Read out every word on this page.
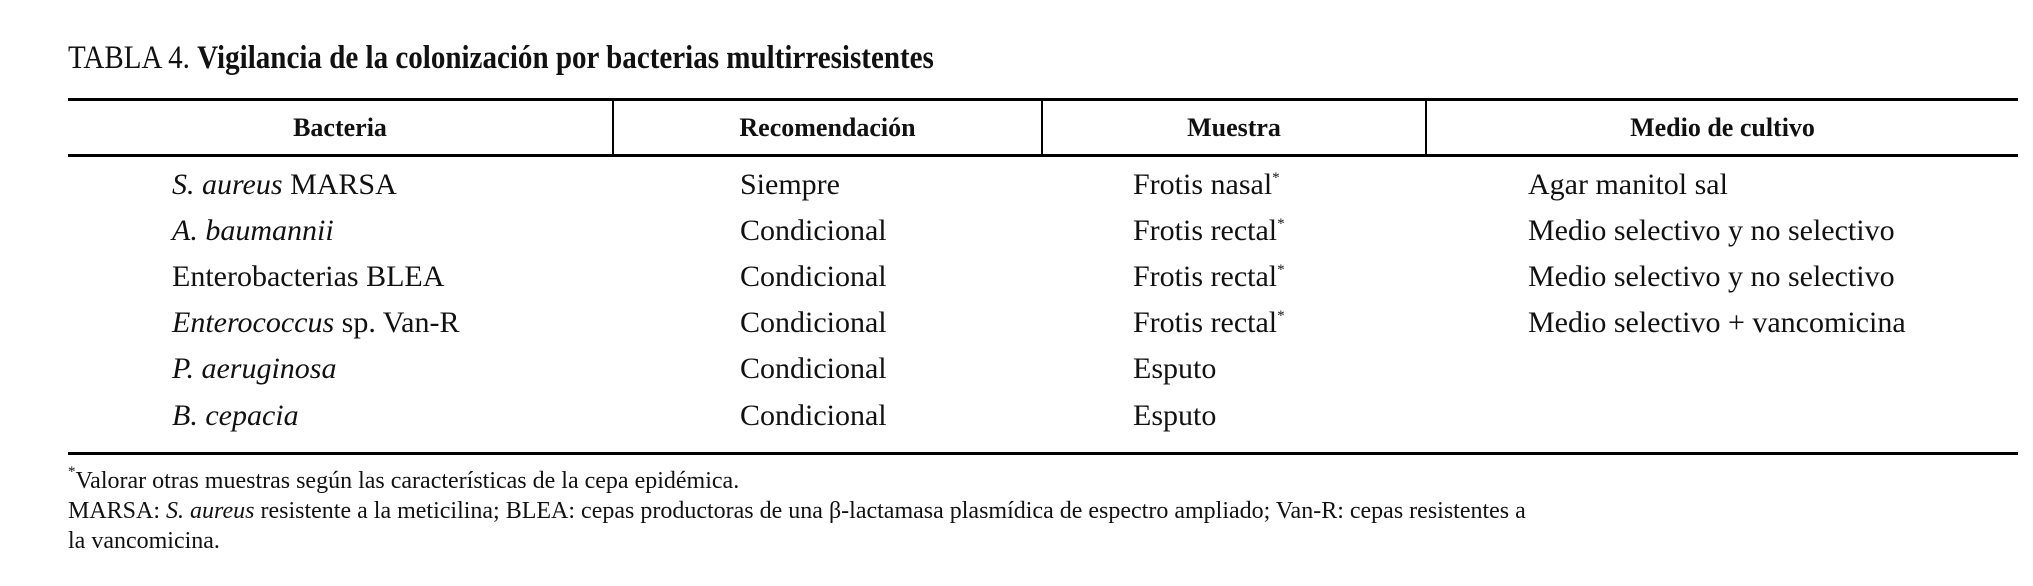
TABLA 4. Vigilancia de la colonización por bacterias multirresistentes
Bacteria	Recomendación	Muestra	Medio de cultivo
S. aureus MARSA	Siempre	Frotis nasal*	Agar manitol sal
A. baumannii	Condicional	Frotis rectal*	Medio selectivo y no selectivo
Enterobacterias BLEA	Condicional	Frotis rectal*	Medio selectivo y no selectivo
Enterococcus sp. Van-R	Condicional	Frotis rectal*	Medio selectivo + vancomicina
P. aeruginosa	Condicional	Esputo
B. cepacia	Condicional	Esputo
*Valorar otras muestras según las características de la cepa epidémica.
MARSA: S. aureus resistente a la meticilina; BLEA: cepas productoras de una β-lactamasa plasmídica de espectro ampliado; Van-R: cepas resistentes a
la vancomicina.
